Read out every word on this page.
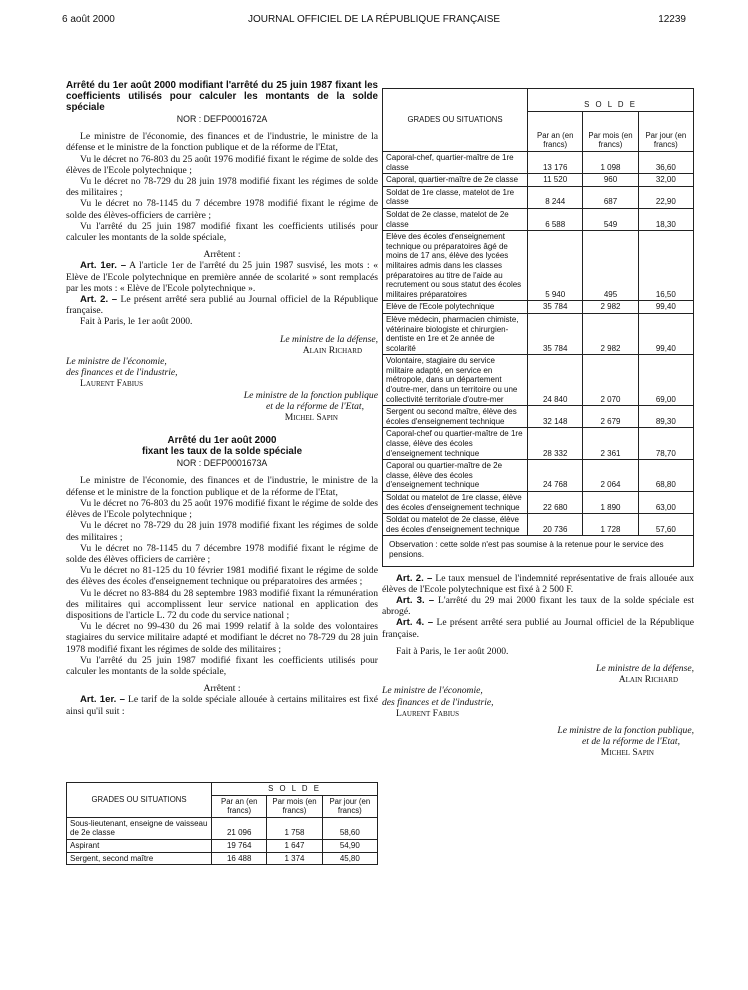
6 août 2000	JOURNAL OFFICIEL DE LA RÉPUBLIQUE FRANÇAISE	12239

Arrêté du 1er août 2000 modifiant l'arrêté du 25 juin 1987 fixant les coefficients utilisés pour calculer les montants de la solde spéciale

NOR : DEFP0001672A

Le ministre de l'économie, des finances et de l'industrie, le ministre de la défense et le ministre de la fonction publique et de la réforme de l'Etat,

Vu le décret no 76-803 du 25 août 1976 modifié fixant le régime de solde des élèves de l'Ecole polytechnique ;

Vu le décret no 78-729 du 28 juin 1978 modifié fixant les régimes de solde des militaires ;

Vu le décret no 78-1145 du 7 décembre 1978 modifié fixant le régime de solde des élèves-officiers de carrière ;

Vu l'arrêté du 25 juin 1987 modifié fixant les coefficients utilisés pour calculer les montants de la solde spéciale,

Arrêtent :

Art. 1er. – A l'article 1er de l'arrêté du 25 juin 1987 susvisé, les mots : « Elève de l'Ecole polytechnique en première année de scolarité » sont remplacés par les mots : « Elève de l'Ecole polytechnique ».

Art. 2. – Le présent arrêté sera publié au Journal officiel de la République française.

Fait à Paris, le 1er août 2000.

Le ministre de la défense,

Alain Richard

Le ministre de l'économie,

des finances et de l'industrie,

Laurent Fabius

Le ministre de la fonction publique

et de la réforme de l'Etat,

Michel Sapin

Arrêté du 1er août 2000

fixant les taux de la solde spéciale

NOR : DEFP0001673A

Le ministre de l'économie, des finances et de l'industrie, le ministre de la défense et le ministre de la fonction publique et de la réforme de l'Etat,

Vu le décret no 76-803 du 25 août 1976 modifié fixant le régime de solde des élèves de l'Ecole polytechnique ;

Vu le décret no 78-729 du 28 juin 1978 modifié fixant les régimes de solde des militaires ;

Vu le décret no 78-1145 du 7 décembre 1978 modifié fixant le régime de solde des élèves officiers de carrière ;

Vu le décret no 81-125 du 10 février 1981 modifié fixant le régime de solde des élèves des écoles d'enseignement technique ou préparatoires des armées ;

Vu le décret no 83-884 du 28 septembre 1983 modifié fixant la rémunération des militaires qui accomplissent leur service national en application des dispositions de l'article L. 72 du code du service national ;

Vu le décret no 99-430 du 26 mai 1999 relatif à la solde des volontaires stagiaires du service militaire adapté et modifiant le décret no 78-729 du 28 juin 1978 modifié fixant les régimes de solde des militaires ;

Vu l'arrêté du 25 juin 1987 modifié fixant les coefficients utilisés pour calculer les montants de la solde spéciale,

Arrêtent :

Art. 1er. – Le tarif de la solde spéciale allouée à certains militaires est fixé ainsi qu'il suit :

GRADES OU SITUATIONS	S O L D E		
	Par an (en francs)	Par mois (en francs)	Par jour (en francs)
Sous-lieutenant, enseigne de vaisseau de 2e classe	21 096	1 758	58,60
Aspirant	19 764	1 647	54,90
Sergent, second maître	16 488	1 374	45,80
GRADES OU SITUATIONS	S O L D E		
	Par an (en francs)	Par mois (en francs)	Par jour (en francs)
Caporal-chef, quartier-maître de 1re classe	13 176	1 098	36,60
Caporal, quartier-maître de 2e classe	11 520	960	32,00
Soldat de 1re classe, matelot de 1re classe	8 244	687	22,90
Soldat de 2e classe, matelot de 2e classe	6 588	549	18,30
Elève des écoles d'enseignement technique ou préparatoires âgé de moins de 17 ans, élève des lycées militaires admis dans les classes préparatoires au titre de l'aide au recrutement ou sous statut des écoles militaires préparatoires	5 940	495	16,50
Elève de l'Ecole polytechnique	35 784	2 982	99,40
Elève médecin, pharmacien chimiste, vétérinaire biologiste et chirurgien-dentiste en 1re et 2e année de scolarité	35 784	2 982	99,40
Volontaire, stagiaire du service militaire adapté, en service en métropole, dans un département d'outre-mer, dans un territoire ou une collectivité territoriale d'outre-mer	24 840	2 070	69,00
Sergent ou second maître, élève des écoles d'enseignement technique	32 148	2 679	89,30
Caporal-chef ou quartier-maître de 1re classe, élève des écoles d'enseignement technique	28 332	2 361	78,70
Caporal ou quartier-maître de 2e classe, élève des écoles d'enseignement technique	24 768	2 064	68,80
Soldat ou matelot de 1re classe, élève des écoles d'enseignement technique	22 680	1 890	63,00
Soldat ou matelot de 2e classe, élève des écoles d'enseignement technique	20 736	1 728	57,60
Observation : cette solde n'est pas soumise à la retenue pour le service des pensions.

Art. 2. – Le taux mensuel de l'indemnité représentative de frais allouée aux élèves de l'Ecole polytechnique est fixé à 2 500 F.

Art. 3. – L'arrêté du 29 mai 2000 fixant les taux de la solde spéciale est abrogé.

Art. 4. – Le présent arrêté sera publié au Journal officiel de la République française.

Fait à Paris, le 1er août 2000.

Le ministre de la défense,

Alain Richard

Le ministre de l'économie,

des finances et de l'industrie,

Laurent Fabius

Le ministre de la fonction publique,

et de la réforme de l'Etat,

Michel Sapin
